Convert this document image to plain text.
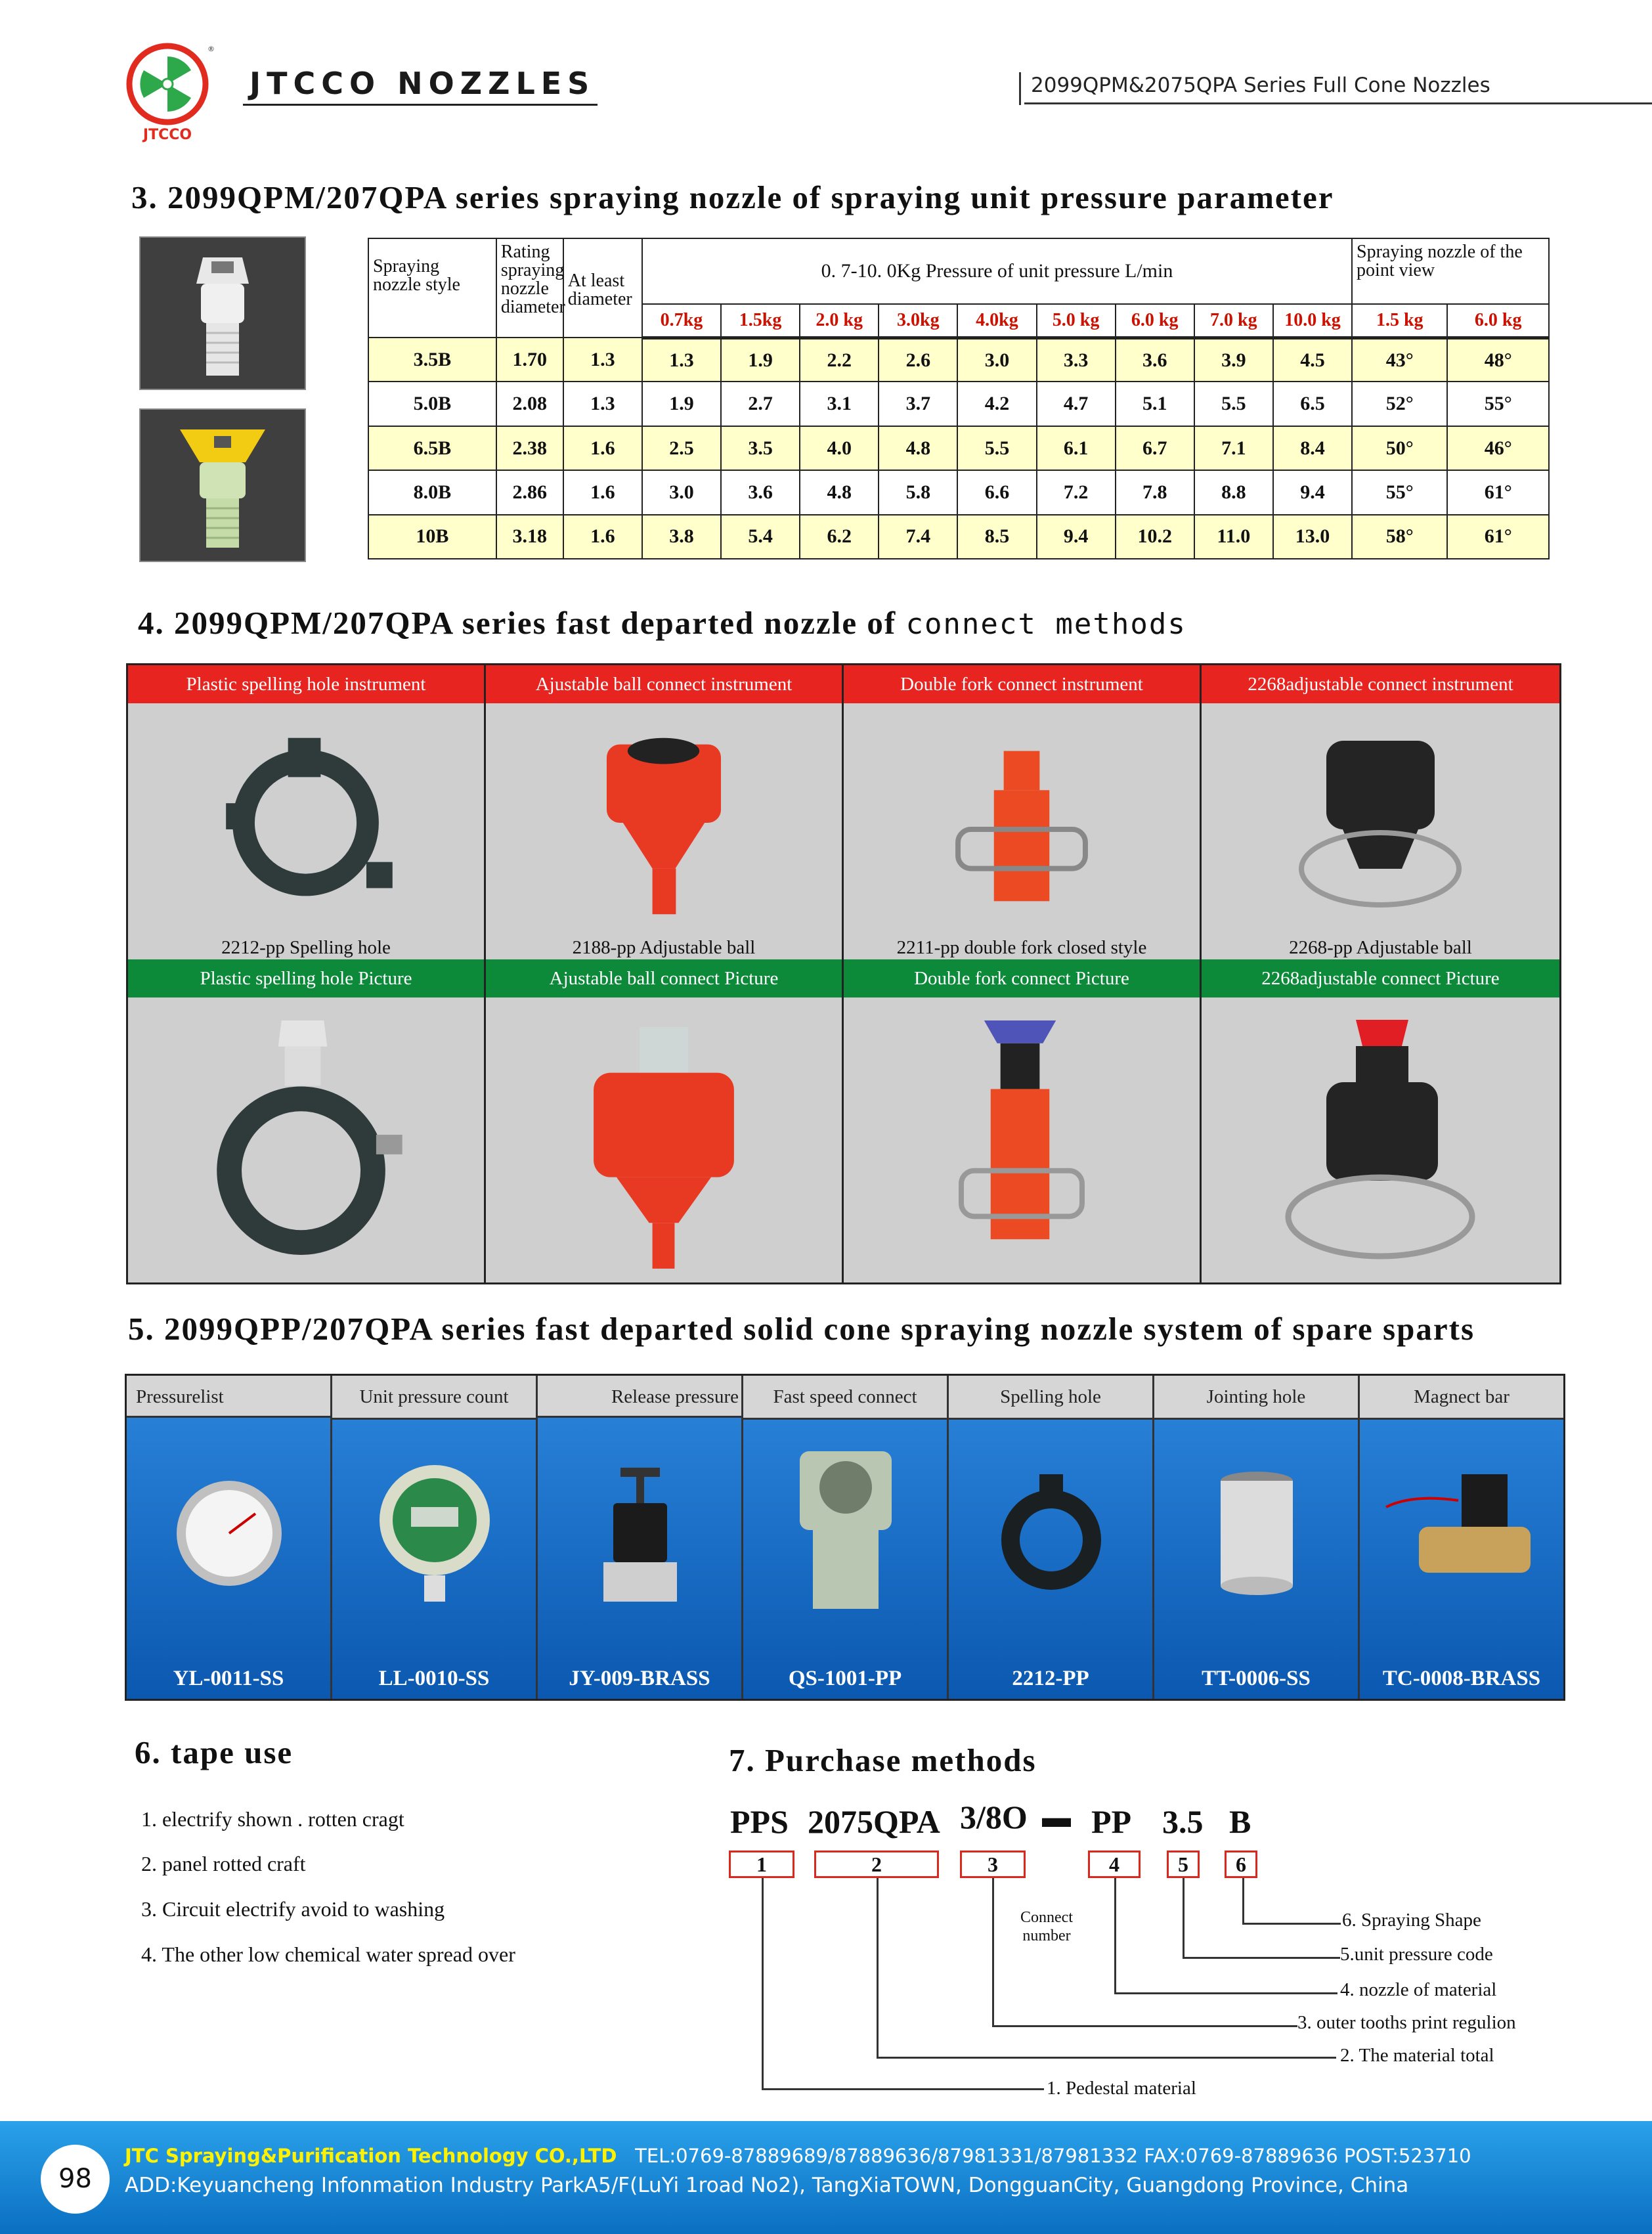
JTCCO
®
JTCCO NOZZLES	2099QPM&2075QPA Series Full Cone Nozzles
3. 2099QPM/207QPA series spraying nozzle of spraying unit pressure parameter
Spraying nozzle style	Rating spraying nozzle diameter	At least diameter	0. 7-10. 0Kg Pressure of unit pressure L/min									Spraying nozzle of the point view	
			0.7kg	1.5kg	2.0 kg	3.0kg	4.0kg	5.0 kg	6.0 kg	7.0 kg	10.0 kg	1.5 kg	6.0 kg
3.5B	1.70	1.3	1.3	1.9	2.2	2.6	3.0	3.3	3.6	3.9	4.5	43°	48°
5.0B	2.08	1.3	1.9	2.7	3.1	3.7	4.2	4.7	5.1	5.5	6.5	52°	55°
6.5B	2.38	1.6	2.5	3.5	4.0	4.8	5.5	6.1	6.7	7.1	8.4	50°	46°
8.0B	2.86	1.6	3.0	3.6	4.8	5.8	6.6	7.2	7.8	8.8	9.4	55°	61°
10B	3.18	1.6	3.8	5.4	6.2	7.4	8.5	9.4	10.2	11.0	13.0	58°	61°
4. 2099QPM/207QPA series fast departed nozzle of connect methods
Plastic spelling hole instrument
2212-pp Spelling hole
Plastic spelling hole Picture
Ajustable ball connect instrument
2188-pp Adjustable ball
Ajustable ball connect Picture
Double fork connect instrument
2211-pp double fork closed style
Double fork connect Picture
2268adjustable connect instrument
2268-pp Adjustable ball
2268adjustable connect Picture
5. 2099QPP/207QPA series fast departed solid cone spraying nozzle system of spare sparts
Pressurelist
YL-0011-SS
Unit pressure count
LL-0010-SS
Release pressure
JY-009-BRASS
Fast speed connect
QS-1001-PP
Spelling hole
2212-PP
Jointing hole
TT-0006-SS
Magnect bar
TC-0008-BRASS
6. tape use
1. electrify shown . rotten cragt
2. panel rotted craft
3. Circuit electrify avoid to washing
4. The other low chemical water spread over
7. Purchase methods
PPS 2075QPA 3/8O ▬ PP 3.5 B
1	2	3	4	5	6
Connect number
6. Spraying Shape
5.unit pressure code
4. nozzle of material
3. outer tooths print regulion
2. The material total
1. Pedestal material
98
JTC Spraying&Purification Technology CO.,LTD TEL:0769-87889689/87889636/87981331/87981332 FAX:0769-87889636 POST:523710
ADD:Keyuancheng Infonmation Industry ParkA5/F(LuYi 1road No2), TangXiaTOWN, DongguanCity, Guangdong Province, China
